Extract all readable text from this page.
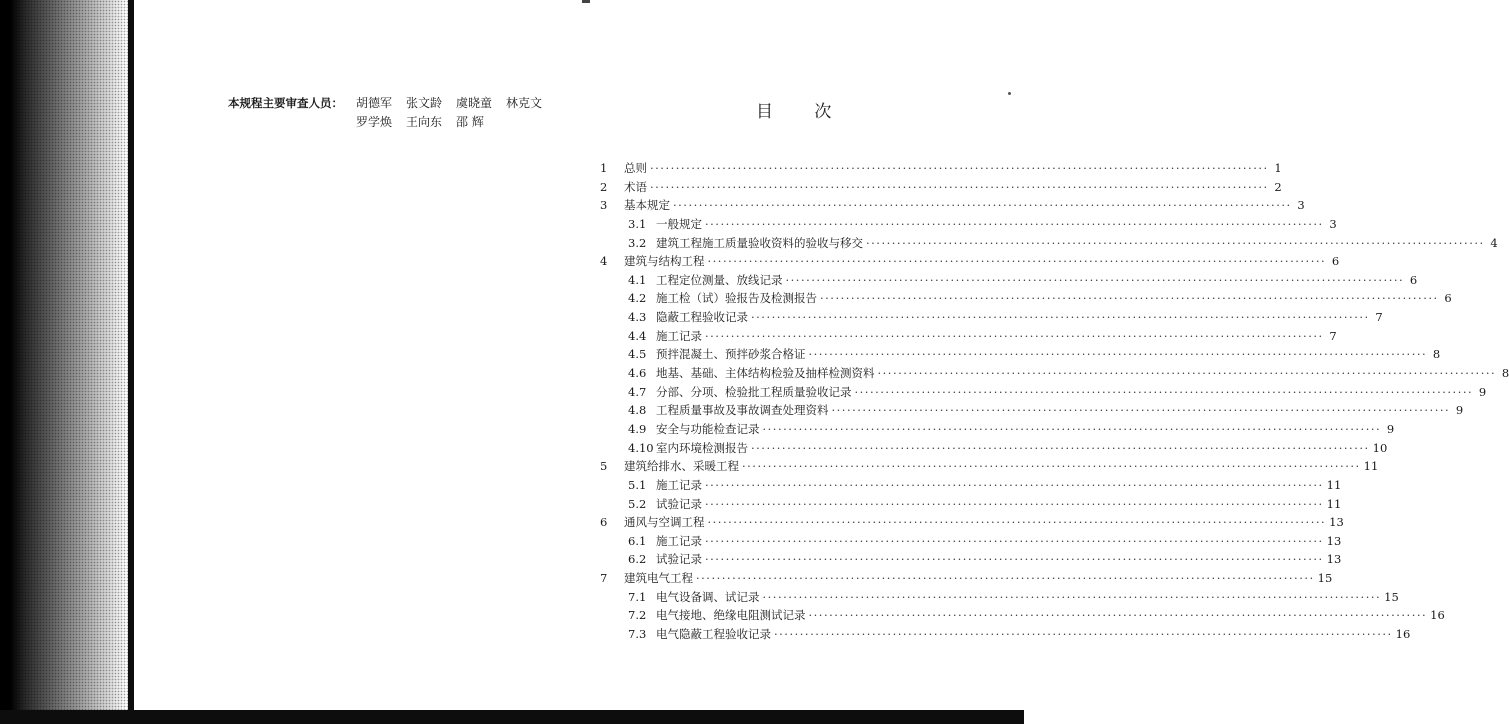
本规程主要审查人员：	胡德军 张文龄 虞晓童 林克文
罗学焕 王向东 邵 辉	目 次
1	总则 ························································································································ 1
2	术语 ························································································································ 2
3	基本规定 ························································································································ 3
3.1 一般规定 ························································································································ 3
3.2 建筑工程施工质量验收资料的验收与移交 ························································································································ 4
4	建筑与结构工程 ························································································································ 6
4.1 工程定位测量、放线记录 ························································································································ 6
4.2 施工检（试）验报告及检测报告 ························································································································ 6
4.3 隐蔽工程验收记录 ························································································································ 7
4.4 施工记录 ························································································································ 7
4.5 预拌混凝土、预拌砂浆合格证 ························································································································ 8
4.6 地基、基础、主体结构检验及抽样检测资料 ························································································································ 8
4.7 分部、分项、检验批工程质量验收记录 ························································································································ 9
4.8 工程质量事故及事故调查处理资料 ························································································································ 9
4.9 安全与功能检查记录 ························································································································ 9
4.10 室内环境检测报告 ························································································································ 10
5	建筑给排水、采暖工程 ························································································································ 11
5.1 施工记录 ························································································································ 11
5.2 试验记录 ························································································································ 11
6	通风与空调工程 ························································································································ 13
6.1 施工记录 ························································································································ 13
6.2 试验记录 ························································································································ 13
7	建筑电气工程 ························································································································ 15
7.1 电气设备调、试记录 ························································································································ 15
7.2 电气接地、绝缘电阻测试记录 ························································································································ 16
7.3 电气隐蔽工程验收记录 ························································································································ 16
